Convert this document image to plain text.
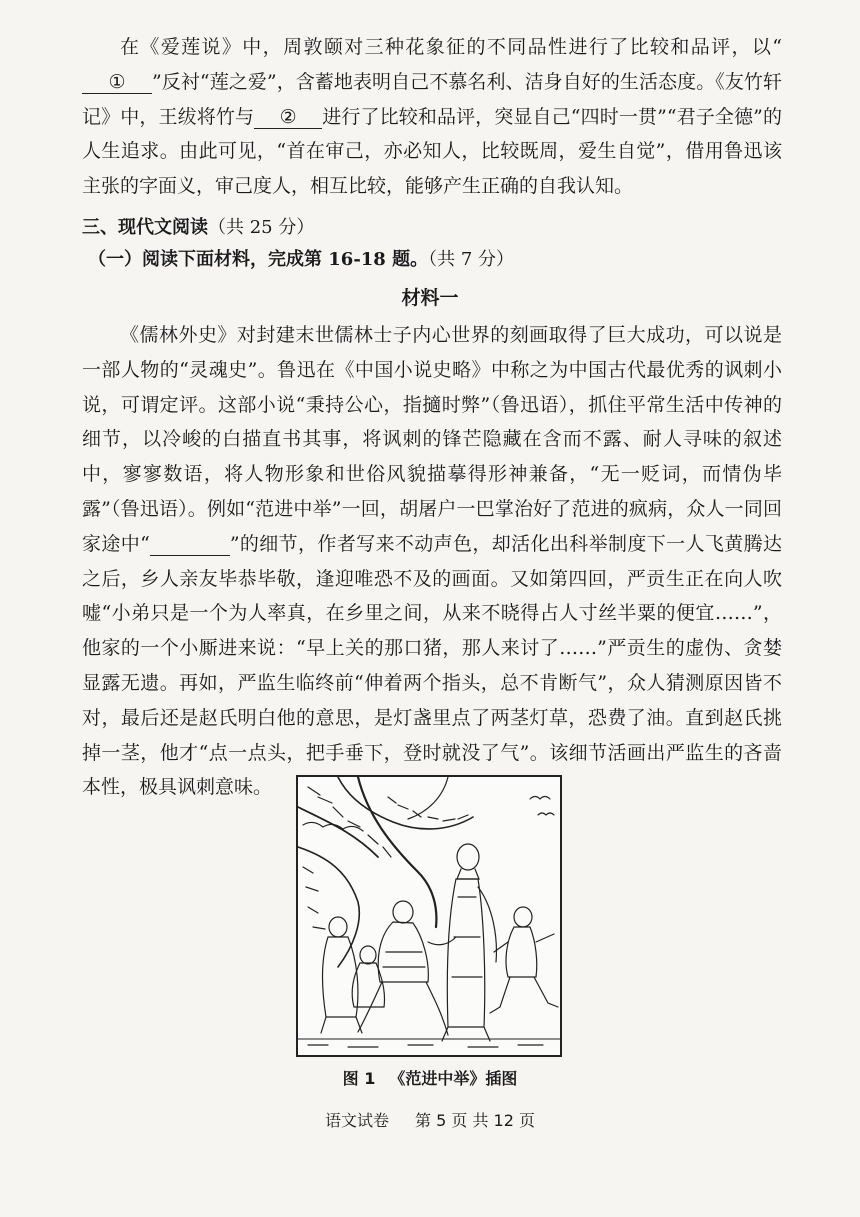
在《爱莲说》中，周敦颐对三种花象征的不同品性进行了比较和品评，以“① ”反衬“莲之爱”，含蓄地表明自己不慕名利、洁身自好的生活态度。《友竹轩记》中，王绂将竹与 ② 进行了比较和品评，突显自己“四时一贯”“君子全德”的人生追求。由此可见，“首在审己，亦必知人，比较既周，爱生自觉”，借用鲁迅该主张的字面义，审己度人，相互比较，能够产生正确的自我认知。

三、现代文阅读（共 25 分）

（一）阅读下面材料，完成第 16-18 题。（共 7 分）

材料一

《儒林外史》对封建末世儒林士子内心世界的刻画取得了巨大成功，可以说是一部人物的“灵魂史”。鲁迅在《中国小说史略》中称之为中国古代最优秀的讽刺小说，可谓定评。这部小说“秉持公心，指擿时弊”（鲁迅语），抓住平常生活中传神的细节，以冷峻的白描直书其事，将讽刺的锋芒隐藏在含而不露、耐人寻味的叙述中，寥寥数语，将人物形象和世俗风貌描摹得形神兼备，“无一贬词，而情伪毕露”（鲁迅语）。例如“范进中举”一回，胡屠户一巴掌治好了范进的疯病，众人一同回家途中“	”的细节，作者写来不动声色，却活化出科举制度下一人飞黄腾达之后，乡人亲友毕恭毕敬，逢迎唯恐不及的画面。又如第四回，严贡生正在向人吹嘘“小弟只是一个为人率真，在乡里之间，从来不晓得占人寸丝半粟的便宜……”，他家的一个小厮进来说：“早上关的那口猪，那人来讨了……”严贡生的虚伪、贪婪显露无遗。再如，严监生临终前“伸着两个指头，总不肯断气”，众人猜测原因皆不对，最后还是赵氏明白他的意思，是灯盏里点了两茎灯草，恐费了油。直到赵氏挑掉一茎，他才“点一点头，把手垂下，登时就没了气”。该细节活画出严监生的吝啬本性，极具讽刺意味。

图 1 《范进中举》插图
语文试卷 第 5 页 共 12 页
